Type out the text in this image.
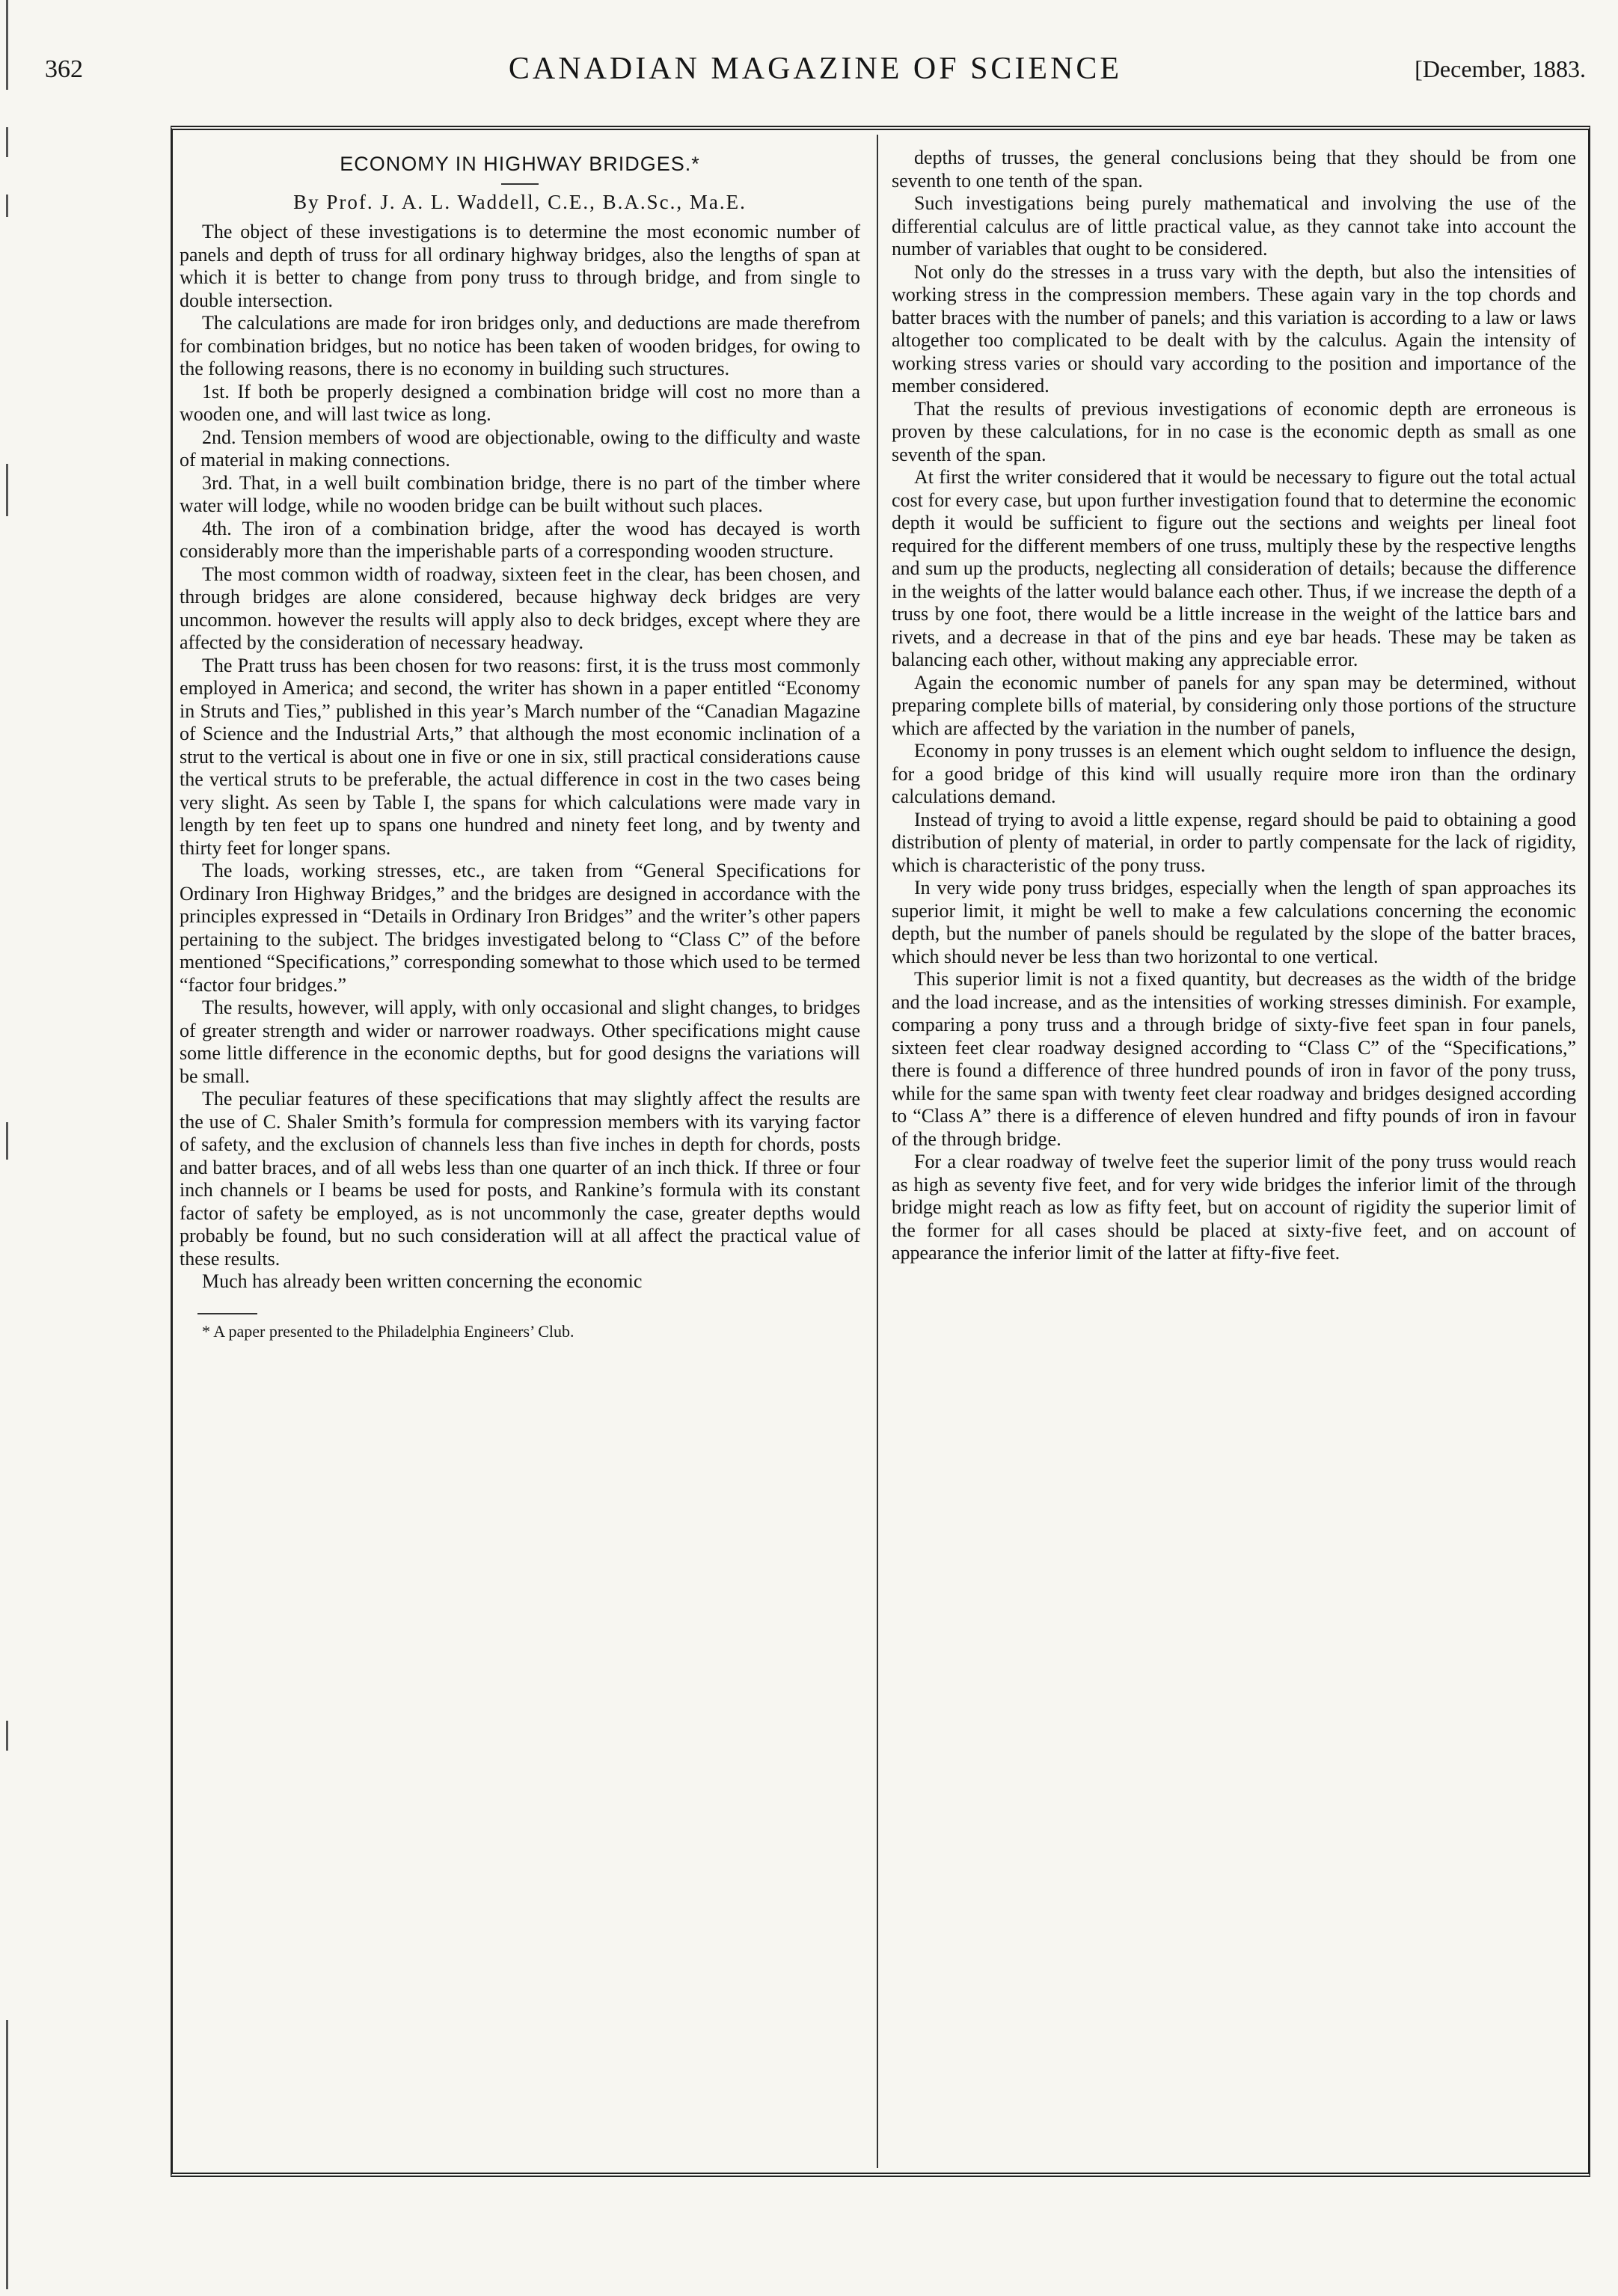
362	CANADIAN MAGAZINE OF SCIENCE	[December, 1883.
ECONOMY IN HIGHWAY BRIDGES.*
By Prof. J. A. L. Waddell, C.E., B.A.Sc., Ma.E.

The object of these investigations is to determine the most economic number of panels and depth of truss for all ordinary highway bridges, also the lengths of span at which it is better to change from pony truss to through bridge, and from single to double intersection.

The calculations are made for iron bridges only, and deductions are made therefrom for combination bridges, but no notice has been taken of wooden bridges, for owing to the following reasons, there is no economy in building such structures.

1st. If both be properly designed a combination bridge will cost no more than a wooden one, and will last twice as long.

2nd. Tension members of wood are objectionable, owing to the difficulty and waste of material in making connections.

3rd. That, in a well built combination bridge, there is no part of the timber where water will lodge, while no wooden bridge can be built without such places.

4th. The iron of a combination bridge, after the wood has decayed is worth considerably more than the imperishable parts of a corresponding wooden structure.

The most common width of roadway, sixteen feet in the clear, has been chosen, and through bridges are alone considered, because highway deck bridges are very uncommon. however the results will apply also to deck bridges, except where they are affected by the consideration of necessary headway.

The Pratt truss has been chosen for two reasons: first, it is the truss most commonly employed in America; and second, the writer has shown in a paper entitled “Economy in Struts and Ties,” published in this year’s March number of the “Canadian Magazine of Science and the Industrial Arts,” that although the most economic inclination of a strut to the vertical is about one in five or one in six, still practical considerations cause the vertical struts to be preferable, the actual difference in cost in the two cases being very slight. As seen by Table I, the spans for which calculations were made vary in length by ten feet up to spans one hundred and ninety feet long, and by twenty and thirty feet for longer spans.

The loads, working stresses, etc., are taken from “General Specifications for Ordinary Iron Highway Bridges,” and the bridges are designed in accordance with the principles expressed in “Details in Ordinary Iron Bridges” and the writer’s other papers pertaining to the subject. The bridges investigated belong to “Class C” of the before mentioned “Specifications,” corresponding somewhat to those which used to be termed “factor four bridges.”

The results, however, will apply, with only occasional and slight changes, to bridges of greater strength and wider or narrower roadways. Other specifications might cause some little difference in the economic depths, but for good designs the variations will be small.

The peculiar features of these specifications that may slightly affect the results are the use of C. Shaler Smith’s formula for compression members with its varying factor of safety, and the exclusion of channels less than five inches in depth for chords, posts and batter braces, and of all webs less than one quarter of an inch thick. If three or four inch channels or I beams be used for posts, and Rankine’s formula with its constant factor of safety be employed, as is not uncommonly the case, greater depths would probably be found, but no such consideration will at all affect the practical value of these results.

Much has already been written concerning the economic

* A paper presented to the Philadelphia Engineers’ Club.

depths of trusses, the general conclusions being that they should be from one seventh to one tenth of the span.

Such investigations being purely mathematical and involving the use of the differential calculus are of little practical value, as they cannot take into account the number of variables that ought to be considered.

Not only do the stresses in a truss vary with the depth, but also the intensities of working stress in the compression members. These again vary in the top chords and batter braces with the number of panels; and this variation is according to a law or laws altogether too complicated to be dealt with by the calculus. Again the intensity of working stress varies or should vary according to the position and importance of the member considered.

That the results of previous investigations of economic depth are erroneous is proven by these calculations, for in no case is the economic depth as small as one seventh of the span.

At first the writer considered that it would be necessary to figure out the total actual cost for every case, but upon further investigation found that to determine the economic depth it would be sufficient to figure out the sections and weights per lineal foot required for the different members of one truss, multiply these by the respective lengths and sum up the products, neglecting all consideration of details; because the difference in the weights of the latter would balance each other. Thus, if we increase the depth of a truss by one foot, there would be a little increase in the weight of the lattice bars and rivets, and a decrease in that of the pins and eye bar heads. These may be taken as balancing each other, without making any appreciable error.

Again the economic number of panels for any span may be determined, without preparing complete bills of material, by considering only those portions of the structure which are affected by the variation in the number of panels,

Economy in pony trusses is an element which ought seldom to influence the design, for a good bridge of this kind will usually require more iron than the ordinary calculations demand.

Instead of trying to avoid a little expense, regard should be paid to obtaining a good distribution of plenty of material, in order to partly compensate for the lack of rigidity, which is characteristic of the pony truss.

In very wide pony truss bridges, especially when the length of span approaches its superior limit, it might be well to make a few calculations concerning the economic depth, but the number of panels should be regulated by the slope of the batter braces, which should never be less than two horizontal to one vertical.

This superior limit is not a fixed quantity, but decreases as the width of the bridge and the load increase, and as the intensities of working stresses diminish. For example, comparing a pony truss and a through bridge of sixty-five feet span in four panels, sixteen feet clear roadway designed according to “Class C” of the “Specifications,” there is found a difference of three hundred pounds of iron in favor of the pony truss, while for the same span with twenty feet clear roadway and bridges designed according to “Class A” there is a difference of eleven hundred and fifty pounds of iron in favour of the through bridge.

For a clear roadway of twelve feet the superior limit of the pony truss would reach as high as seventy five feet, and for very wide bridges the inferior limit of the through bridge might reach as low as fifty feet, but on account of rigidity the superior limit of the former for all cases should be placed at sixty-five feet, and on account of appearance the inferior limit of the latter at fifty-five feet.
